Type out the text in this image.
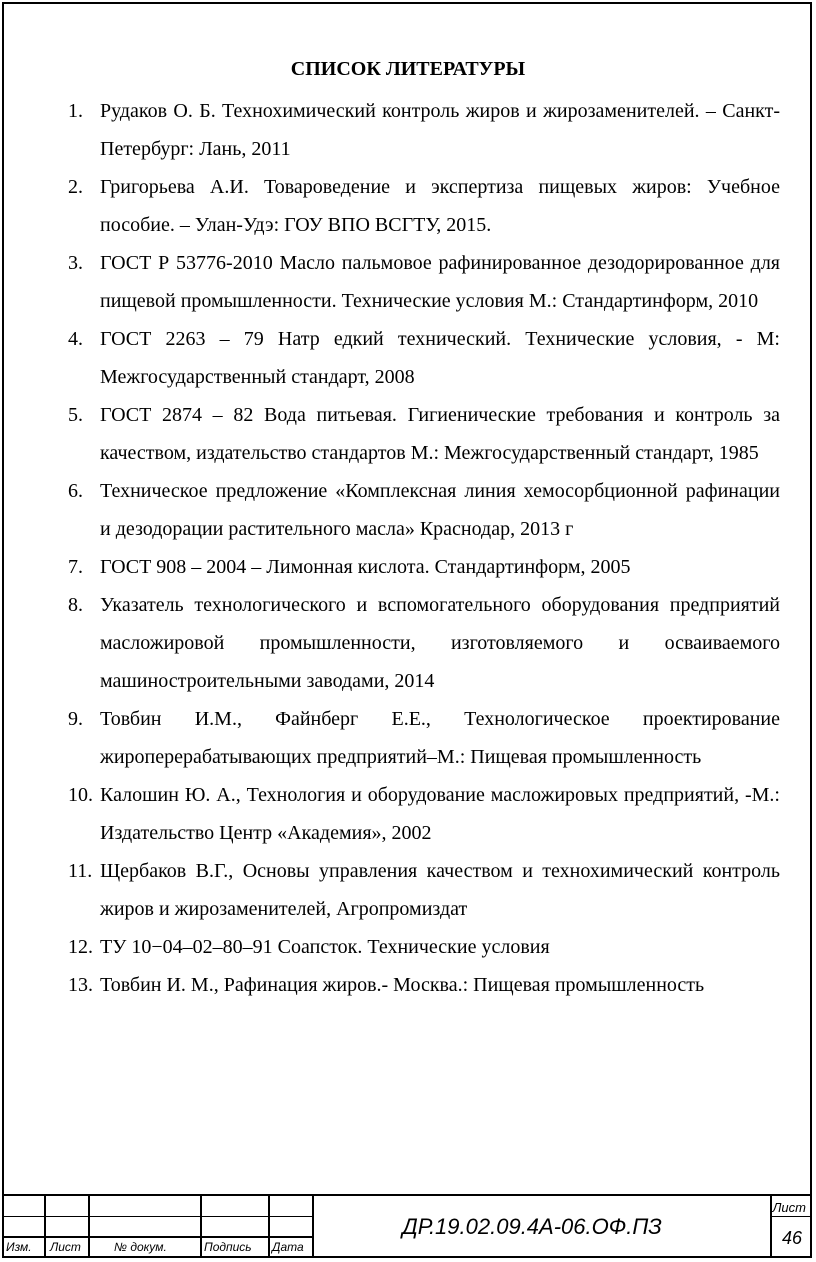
СПИСОК ЛИТЕРАТУРЫ
1. Рудаков О. Б. Технохимический контроль жиров и жирозаменителей. – Санкт-Петербург: Лань, 2011
2. Григорьева А.И. Товароведение и экспертиза пищевых жиров: Учебное пособие. – Улан-Удэ: ГОУ ВПО ВСГТУ, 2015.
3. ГОСТ Р 53776-2010 Масло пальмовое рафинированное дезодорированное для пищевой промышленности. Технические условия М.: Стандартинформ, 2010
4. ГОСТ 2263 – 79 Натр едкий технический. Технические условия, - М: Межгосударственный стандарт, 2008
5. ГОСТ 2874 – 82 Вода питьевая. Гигиенические требования и контроль за качеством, издательство стандартов М.: Межгосударственный стандарт, 1985
6. Техническое предложение «Комплексная линия хемосорбционной рафинации и дезодорации растительного масла» Краснодар, 2013 г
7. ГОСТ 908 – 2004 – Лимонная кислота. Стандартинформ, 2005
8. Указатель технологического и вспомогательного оборудования предприятий масложировой промышленности, изготовляемого и осваиваемого машиностроительными заводами, 2014
9. Товбин И.М., Файнберг Е.Е., Технологическое проектирование жироперерабатывающих предприятий–М.: Пищевая промышленность
10. Калошин Ю. А., Технология и оборудование масложировых предприятий, -М.: Издательство Центр «Академия», 2002
11. Щербаков В.Г., Основы управления качеством и технохимический контроль жиров и жирозаменителей, Агропромиздат
12. ТУ 10−04–02–80–91 Соапсток. Технические условия
13. Товбин И. М., Рафинация жиров.- Москва.: Пищевая промышленность
Изм. Лист	№ докум.	Подпись Дата
ДР.19.02.09.4А-06.ОФ.ПЗ
Лист
46
